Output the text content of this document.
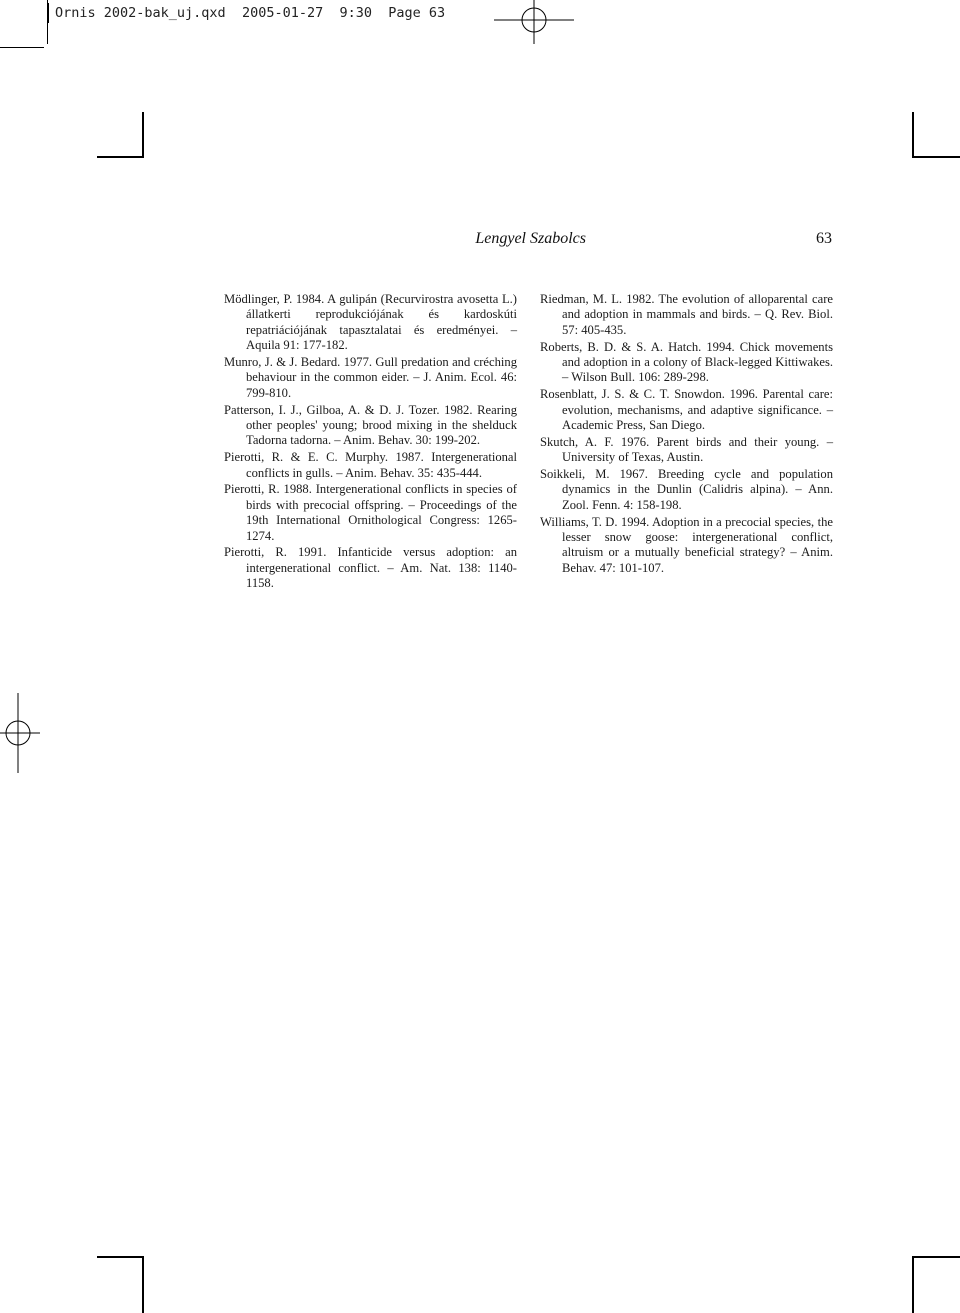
Ornis 2002-bak_uj.qxd 2005-01-27 9:30 Page 63
Lengyel Szabolcs	63

Mödlinger, P. 1984. A gulipán (Recurvirostra avosetta L.) állatkerti reprodukciójának és kardoskúti repatriációjának tapasztalatai és eredményei. – Aquila 91: 177-182.

Munro, J. & J. Bedard. 1977. Gull predation and créching behaviour in the common eider. – J. Anim. Ecol. 46: 799-810.

Patterson, I. J., Gilboa, A. & D. J. Tozer. 1982. Rearing other peoples' young; brood mixing in the shelduck Tadorna tadorna. – Anim. Behav. 30: 199-202.

Pierotti, R. & E. C. Murphy. 1987. Intergenerational conflicts in gulls. – Anim. Behav. 35: 435-444.

Pierotti, R. 1988. Intergenerational conflicts in species of birds with precocial offspring. – Proceedings of the 19th International Ornithological Congress: 1265-1274.

Pierotti, R. 1991. Infanticide versus adoption: an intergenerational conflict. – Am. Nat. 138: 1140-1158.

Riedman, M. L. 1982. The evolution of alloparental care and adoption in mammals and birds. – Q. Rev. Biol. 57: 405-435.

Roberts, B. D. & S. A. Hatch. 1994. Chick movements and adoption in a colony of Black-legged Kittiwakes. – Wilson Bull. 106: 289-298.

Rosenblatt, J. S. & C. T. Snowdon. 1996. Parental care: evolution, mechanisms, and adaptive significance. – Academic Press, San Diego.

Skutch, A. F. 1976. Parent birds and their young. – University of Texas, Austin.

Soikkeli, M. 1967. Breeding cycle and population dynamics in the Dunlin (Calidris alpina). – Ann. Zool. Fenn. 4: 158-198.

Williams, T. D. 1994. Adoption in a precocial species, the lesser snow goose: intergenerational conflict, altruism or a mutually beneficial strategy? – Anim. Behav. 47: 101-107.
